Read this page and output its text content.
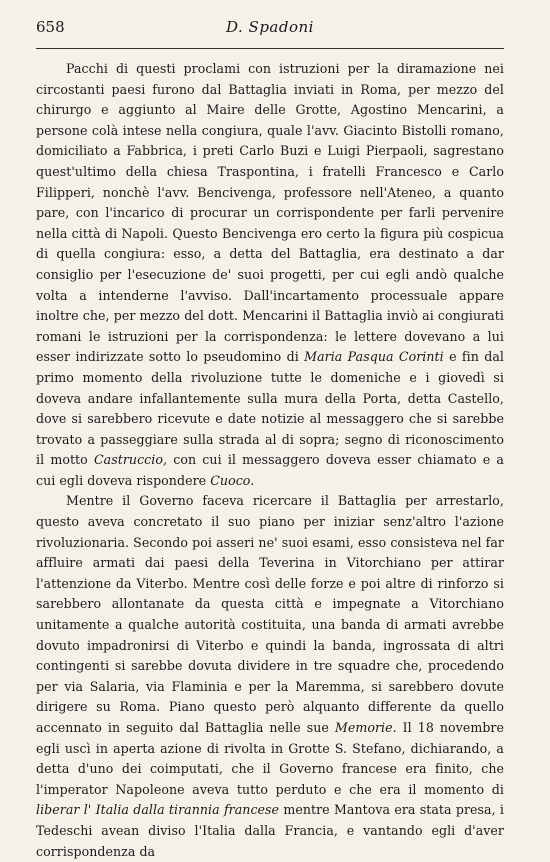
658	D. Spadoni

Pacchi di questi proclami con istruzioni per la diramazione nei circostanti paesi furono dal Battaglia inviati in Roma, per mezzo del chirurgo e aggiunto al Maire delle Grotte, Agostino Mencarini, a persone colà intese nella congiura, quale l'avv. Giacinto Bistolli romano, domiciliato a Fabbrica, i preti Carlo Buzi e Luigi Pierpaoli, sagrestano quest'ultimo della chiesa Traspontina, i fratelli Francesco e Carlo Filipperi, nonchè l'avv. Bencivenga, professore nell'Ateneo, a quanto pare, con l'incarico di procurar un corrispondente per farli pervenire nella città di Napoli. Questo Bencivenga ero certo la figura più cospicua di quella congiura: esso, a detta del Battaglia, era destinato a dar consiglio per l'esecuzione de' suoi progetti, per cui egli andò qualche volta a intenderne l'avviso. Dall'incartamento processuale appare inoltre che, per mezzo del dott. Mencarini il Battaglia inviò ai congiurati romani le istruzioni per la corrispondenza: le lettere dovevano a lui esser indirizzate sotto lo pseudomino di Maria Pasqua Corinti e fin dal primo momento della rivoluzione tutte le domeniche e i giovedì si doveva andare infallantemente sulla mura della Porta, detta Castello, dove si sarebbero ricevute e date notizie al messaggero che si sarebbe trovato a passeggiare sulla strada al di sopra; segno di riconoscimento il motto Castruccio, con cui il messaggero doveva esser chiamato e a cui egli doveva rispondere Cuoco.

Mentre il Governo faceva ricercare il Battaglia per arrestarlo, questo aveva concretato il suo piano per iniziar senz'altro l'azione rivoluzionaria. Secondo poi asseri ne' suoi esami, esso consisteva nel far affluire armati dai paesi della Teverina in Vitorchiano per attirar l'attenzione da Viterbo. Mentre così delle forze e poi altre di rinforzo si sarebbero allontanate da questa città e impegnate a Vitorchiano unitamente a qualche autorità costituita, una banda di armati avrebbe dovuto impadronirsi di Viterbo e quindi la banda, ingrossata di altri contingenti si sarebbe dovuta dividere in tre squadre che, procedendo per via Salaria, via Flaminia e per la Maremma, si sarebbero dovute dirigere su Roma. Piano questo però alquanto differente da quello accennato in seguito dal Battaglia nelle sue Memorie. Il 18 novembre egli uscì in aperta azione di rivolta in Grotte S. Stefano, dichiarando, a detta d'uno dei coimputati, che il Governo francese era finito, che l'imperator Napoleone aveva tutto perduto e che era il momento di liberar l' Italia dalla tirannia francese mentre Mantova era stata presa, i Tedeschi avean diviso l'Italia dalla Francia, e vantando egli d'aver corrispondenza da
